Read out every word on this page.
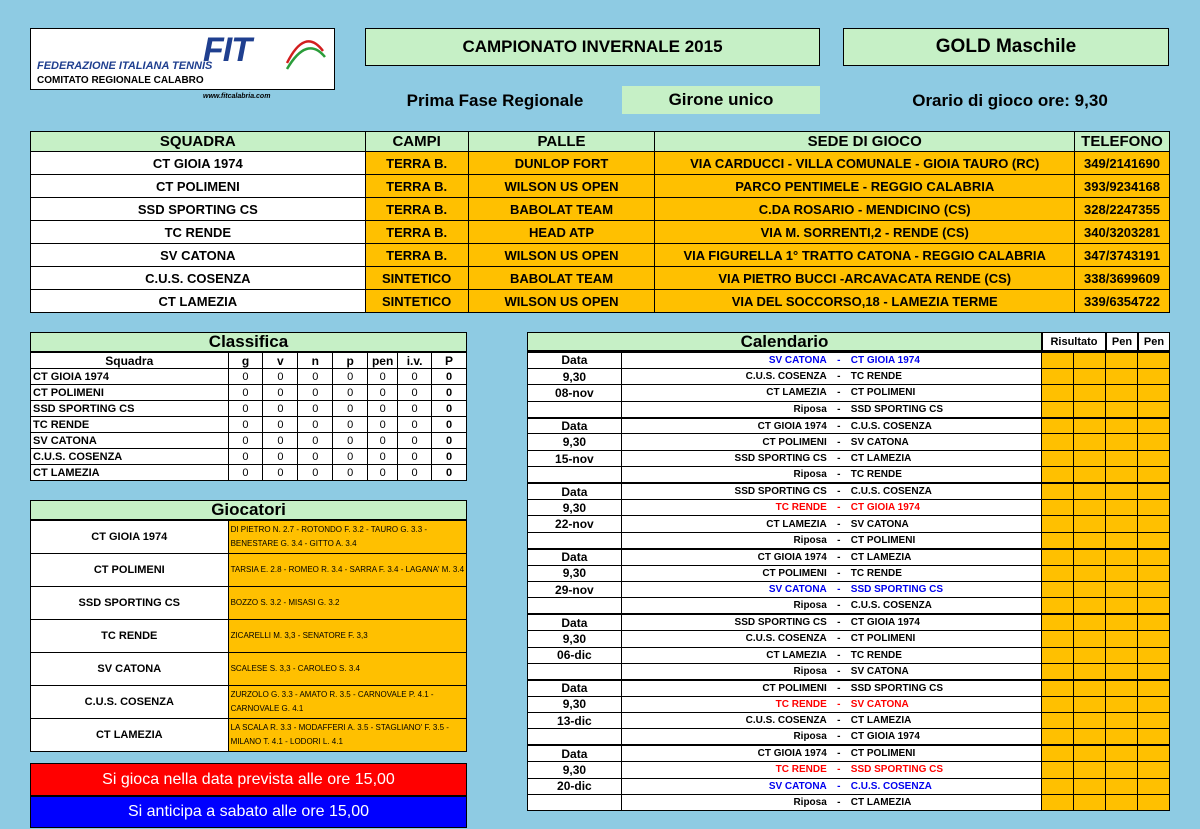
FIT
FEDERAZIONE ITALIANA TENNIS
COMITATO REGIONALE CALABRO
www.fitcalabria.com
CAMPIONATO INVERNALE 2015	GOLD Maschile
Prima Fase Regionale	Girone unico	Orario di gioco ore: 9,30
SQUADRA	CAMPI	PALLE	SEDE DI GIOCO	TELEFONO
CT GIOIA 1974	TERRA B.	DUNLOP FORT	VIA CARDUCCI - VILLA COMUNALE - GIOIA TAURO (RC)	349/2141690
CT POLIMENI	TERRA B.	WILSON US OPEN	PARCO PENTIMELE - REGGIO CALABRIA	393/9234168
SSD SPORTING CS	TERRA B.	BABOLAT TEAM	C.DA ROSARIO - MENDICINO (CS)	328/2247355
TC RENDE	TERRA B.	HEAD ATP	VIA M. SORRENTI,2 - RENDE (CS)	340/3203281
SV CATONA	TERRA B.	WILSON US OPEN	VIA FIGURELLA 1° TRATTO CATONA - REGGIO CALABRIA	347/3743191
C.U.S. COSENZA	SINTETICO	BABOLAT TEAM	VIA PIETRO BUCCI -ARCAVACATA RENDE (CS)	338/3699609
CT LAMEZIA	SINTETICO	WILSON US OPEN	VIA DEL SOCCORSO,18 - LAMEZIA TERME	339/6354722
Classifica
Squadra	g	v	n	p	pen	i.v.	P
CT GIOIA 1974	0	0	0	0	0	0	0
CT POLIMENI	0	0	0	0	0	0	0
SSD SPORTING CS	0	0	0	0	0	0	0
TC RENDE	0	0	0	0	0	0	0
SV CATONA	0	0	0	0	0	0	0
C.U.S. COSENZA	0	0	0	0	0	0	0
CT LAMEZIA	0	0	0	0	0	0	0
Giocatori
CT GIOIA 1974	DI PIETRO N. 2.7 - ROTONDO F. 3.2 - TAURO G. 3.3 - BENESTARE G. 3.4 - GITTO A. 3.4
CT POLIMENI	TARSIA E. 2.8 - ROMEO R. 3.4 - SARRA F. 3.4 - LAGANA' M. 3.4
SSD SPORTING CS	BOZZO S. 3.2 - MISASI G. 3.2
TC RENDE	ZICARELLI M. 3,3 - SENATORE F. 3,3
SV CATONA	SCALESE S. 3,3 - CAROLEO S. 3.4
C.U.S. COSENZA	ZURZOLO G. 3.3 - AMATO R. 3.5 - CARNOVALE P. 4.1 - CARNOVALE G. 4.1
CT LAMEZIA	LA SCALA R. 3.3 - MODAFFERI A. 3.5 - STAGLIANO' F. 3.5 - MILANO T. 4.1 - LODORI L. 4.1
Si gioca nella data prevista alle ore 15,00
Si anticipa a sabato alle ore 15,00
Calendario	Risultato	Pen	Pen
Data	SV CATONA - CT GIOIA 1974				

9,30	C.U.S. COSENZA - TC RENDE				

08-nov	CT LAMEZIA - CT POLIMENI				

	Riposa - SSD SPORTING CS				

Data	CT GIOIA 1974 - C.U.S. COSENZA				

9,30	CT POLIMENI - SV CATONA				

15-nov	SSD SPORTING CS - CT LAMEZIA				

	Riposa - TC RENDE				

Data	SSD SPORTING CS - C.U.S. COSENZA				

9,30	TC RENDE - CT GIOIA 1974				

22-nov	CT LAMEZIA - SV CATONA				

	Riposa - CT POLIMENI				

Data	CT GIOIA 1974 - CT LAMEZIA				

9,30	CT POLIMENI - TC RENDE				

29-nov	SV CATONA - SSD SPORTING CS				

	Riposa - C.U.S. COSENZA				

Data	SSD SPORTING CS - CT GIOIA 1974				

9,30	C.U.S. COSENZA - CT POLIMENI				

06-dic	CT LAMEZIA - TC RENDE				

	Riposa - SV CATONA				

Data	CT POLIMENI - SSD SPORTING CS				

9,30	TC RENDE - SV CATONA				

13-dic	C.U.S. COSENZA - CT LAMEZIA				

	Riposa - CT GIOIA 1974				

Data	CT GIOIA 1974 - CT POLIMENI				

9,30	TC RENDE - SSD SPORTING CS				

20-dic	SV CATONA - C.U.S. COSENZA				

	Riposa - CT LAMEZIA				
